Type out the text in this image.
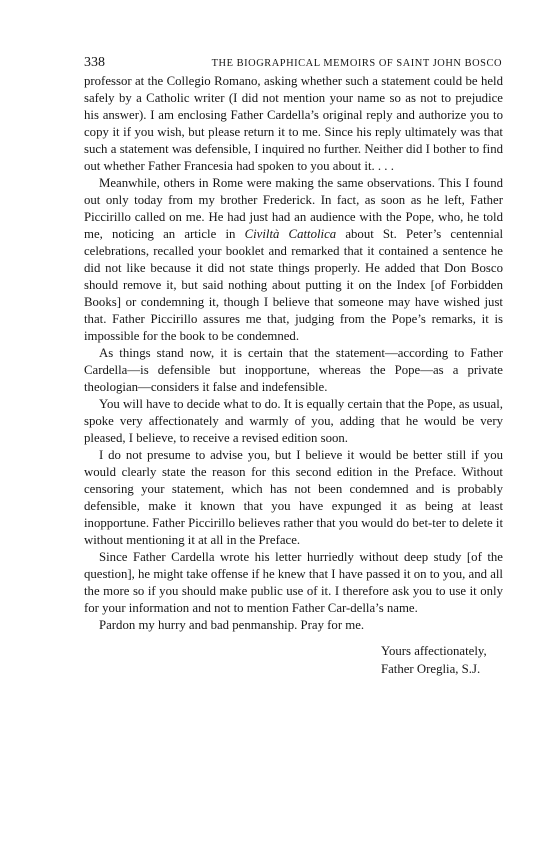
338	THE BIOGRAPHICAL MEMOIRS OF SAINT JOHN BOSCO

professor at the Collegio Romano, asking whether such a statement could be held safely by a Catholic writer (I did not mention your name so as not to prejudice his answer). I am enclosing Father Cardella’s original reply and authorize you to copy it if you wish, but please return it to me. Since his reply ultimately was that such a statement was defensible, I inquired no further. Neither did I bother to find out whether Father Francesia had spoken to you about it. . . .

Meanwhile, others in Rome were making the same observations. This I found out only today from my brother Frederick. In fact, as soon as he left, Father Piccirillo called on me. He had just had an audience with the Pope, who, he told me, noticing an article in Civiltà Cattolica about St. Peter’s centennial celebrations, recalled your booklet and remarked that it contained a sentence he did not like because it did not state things properly. He added that Don Bosco should remove it, but said nothing about putting it on the Index [of Forbidden Books] or condemning it, though I believe that someone may have wished just that. Father Piccirillo assures me that, judging from the Pope’s remarks, it is impossible for the book to be condemned.

As things stand now, it is certain that the statement—according to Father Cardella—is defensible but inopportune, whereas the Pope—as a private theologian—considers it false and indefensible.

You will have to decide what to do. It is equally certain that the Pope, as usual, spoke very affectionately and warmly of you, adding that he would be very pleased, I believe, to receive a revised edition soon.

I do not presume to advise you, but I believe it would be better still if you would clearly state the reason for this second edition in the Preface. Without censoring your statement, which has not been condemned and is probably defensible, make it known that you have expunged it as being at least inopportune. Father Piccirillo believes rather that you would do bet-ter to delete it without mentioning it at all in the Preface.

Since Father Cardella wrote his letter hurriedly without deep study [of the question], he might take offense if he knew that I have passed it on to you, and all the more so if you should make public use of it. I therefore ask you to use it only for your information and not to mention Father Car-della’s name.

Pardon my hurry and bad penmanship. Pray for me.

Yours affectionately,
Father Oreglia, S.J.
